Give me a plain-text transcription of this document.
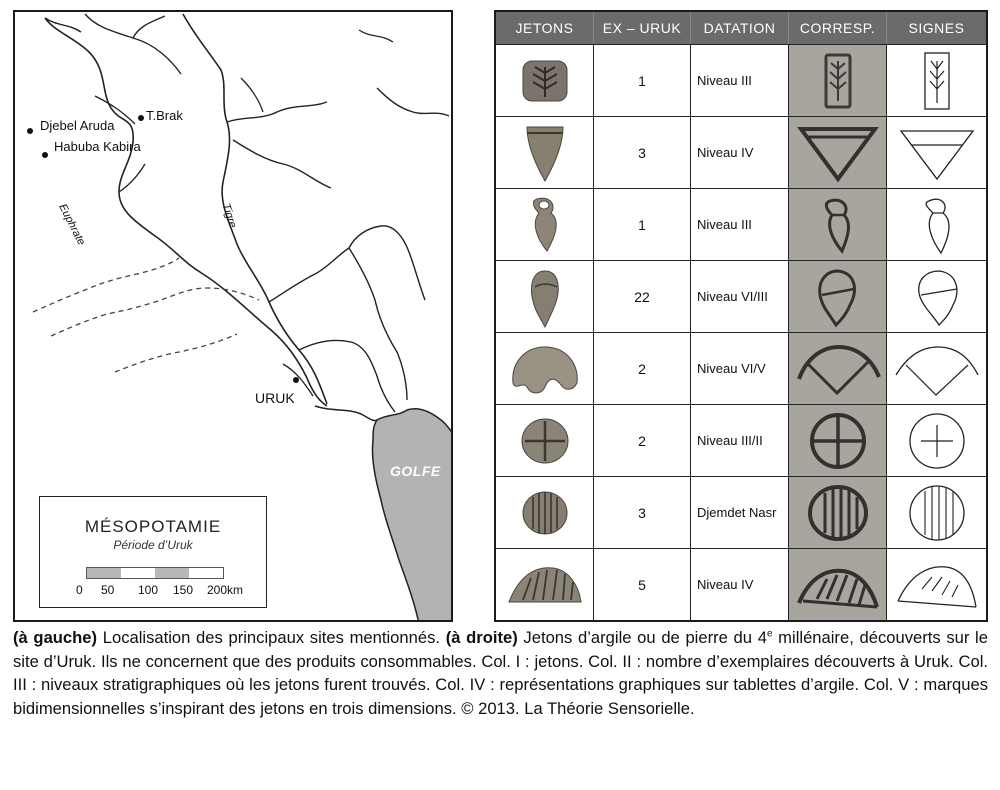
Djebel Aruda
T.Brak
Habuba Kabira
URUK
Euphrate	Tigre
GOLFE
MÉSOPOTAMIE
Période d’Uruk
0 50 100 150 200km
JETONS	EX – URUK	DATATION	CORRESP.	SIGNES
1	Niveau III
3	Niveau IV
1	Niveau III
22	Niveau VI/III
2	Niveau VI/V
2	Niveau III/II
3	Djemdet Nasr
5	Niveau IV
(à gauche) Localisation des principaux sites mentionnés. (à droite) Jetons d’argile ou de pierre du 4e millénaire, découverts sur le site d’Uruk. Ils ne concernent que des produits consommables. Col. I : jetons. Col. II : nombre d’exemplaires découverts à Uruk. Col. III : niveaux stratigraphiques où les jetons furent trouvés. Col. IV : représentations graphiques sur tablettes d’argile. Col. V : marques bidimensionnelles s’inspirant des jetons en trois dimensions. © 2013. La Théorie Sensorielle.
